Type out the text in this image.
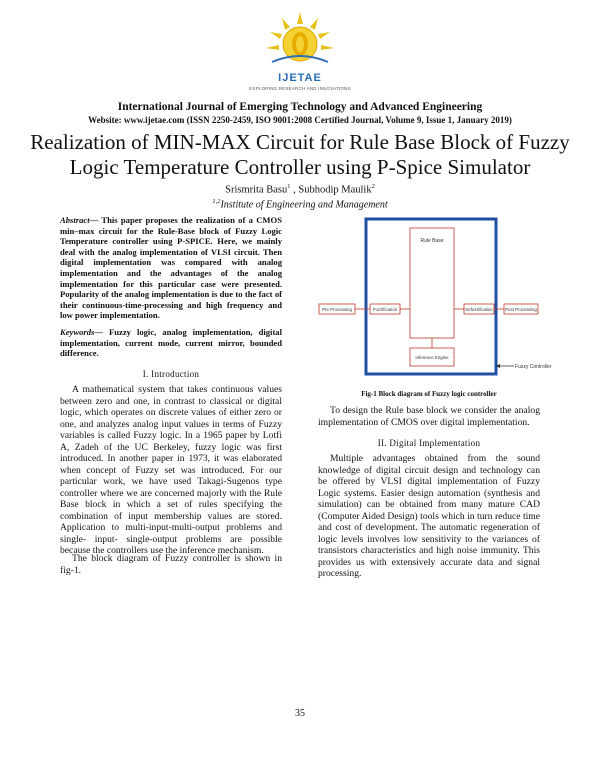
IJETAE
EXPLORING RESEARCH AND INNOVATIONS
International Journal of Emerging Technology and Advanced Engineering
Website: www.ijetae.com (ISSN 2250-2459, ISO 9001:2008 Certified Journal, Volume 9, Issue 1, January 2019)
Realization of MIN-MAX Circuit for Rule Base Block of Fuzzy
Logic Temperature Controller using P-Spice Simulator
Srismrita Basu$^1$ , Subhodip Maulik$^2$
$^{1,2}$Institute of Engineering and Management
Abstract— This paper proposes the realization of a CMOS min–max circuit for the Rule-Base block of Fuzzy Logic Temperature controller using P-SPICE. Here, we mainly deal with the analog implementation of VLSI circuit. Then digital implementation was compared with analog implementation and the advantages of the analog implementation for this particular case were presented. Popularity of the analog implementation is due to the fact of their continuous-time-processing and high frequency and low power implementation.
Keywords— Fuzzy logic, analog implementation, digital implementation, current mode, current mirror, bounded difference.
I. Introduction
A mathematical system that takes continuous values between zero and one, in contrast to classical or digital logic, which operates on discrete values of either zero or one, and analyzes analog input values in terms of Fuzzy variables is called Fuzzy logic. In a 1965 paper by Lotfi A, Zadeh of the UC Berkeley, fuzzy logic was first introduced. In another paper in 1973, it was elaborated when concept of Fuzzy set was introduced. For our particular work, we have used Takagi-Sugenos type controller where we are concerned majorly with the Rule Base block in which a set of rules specifying the combination of input membership values are stored. Application to multi-input-multi-output problems and single- input- single-output problems are possible because the controllers use the inference mechanism.
The block diagram of Fuzzy controller is shown in fig-1.
Rule Base
Inference Engine
Pre Processing	Fuzzification	Defuzzification	Post Processing
Fuzzy Controller
Fig-1 Block diagram of Fuzzy logic controller
To design the Rule base block we consider the analog implementation of CMOS over digital implementation.
II. Digital Implementation
Multiple advantages obtained from the sound knowledge of digital circuit design and technology can be offered by VLSI digital implementation of Fuzzy Logic systems. Easier design automation (synthesis and simulation) can be obtained from many mature CAD (Computer Aided Design) tools which in turn reduce time and cost of development. The automatic regeneration of logic levels involves low sensitivity to the variances of transistors characteristics and high noise immunity. This provides us with extensively accurate data and signal processing.
35
